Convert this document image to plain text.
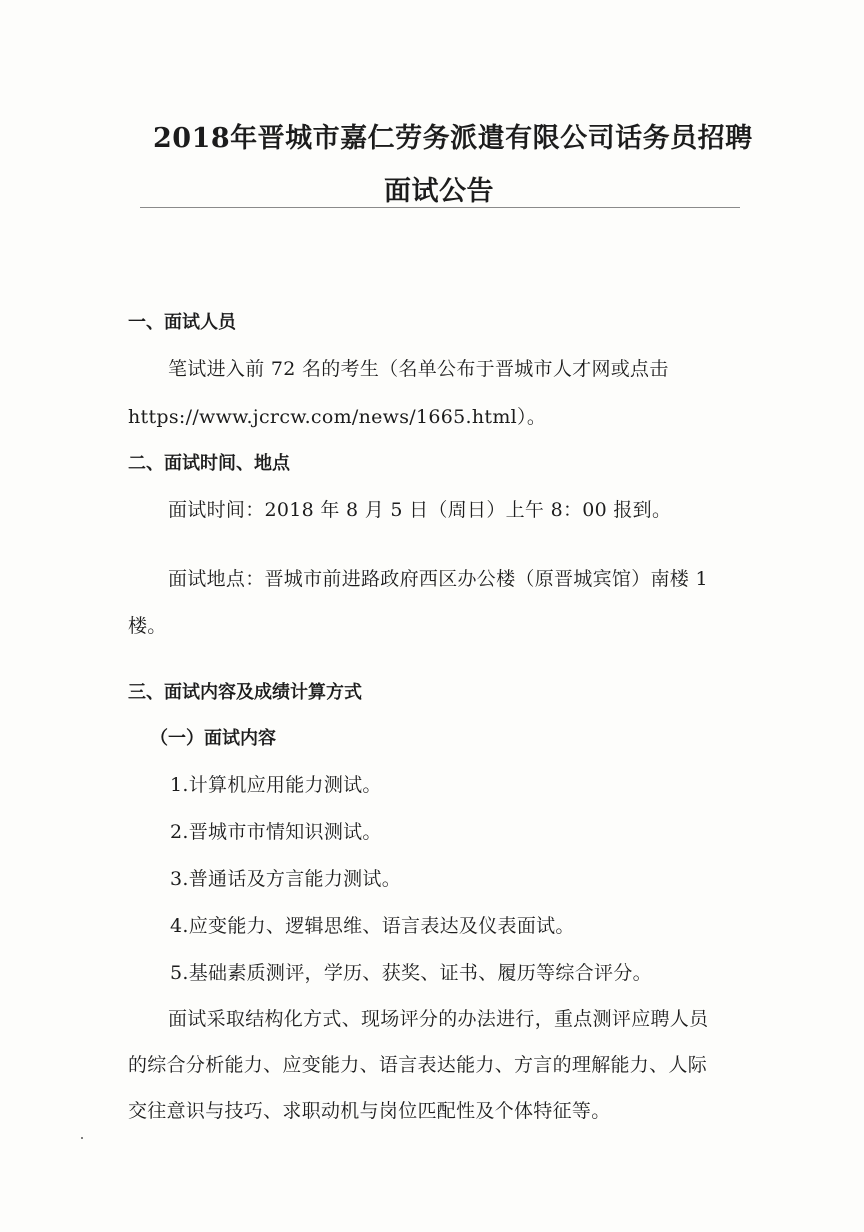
2018年晋城市嘉仁劳务派遣有限公司话务员招聘

面试公告

一、面试人员

笔试进入前 72 名的考生（名单公布于晋城市人才网或点击

https://www.jcrcw.com/news/1665.html）。

二、面试时间、地点

面试时间：2018 年 8 月 5 日（周日）上午 8：00 报到。

面试地点：晋城市前进路政府西区办公楼（原晋城宾馆）南楼 1

楼。

三、面试内容及成绩计算方式

（一）面试内容

1.计算机应用能力测试。

2.晋城市市情知识测试。

3.普通话及方言能力测试。

4.应变能力、逻辑思维、语言表达及仪表面试。

5.基础素质测评，学历、获奖、证书、履历等综合评分。

面试采取结构化方式、现场评分的办法进行，重点测评应聘人员

的综合分析能力、应变能力、语言表达能力、方言的理解能力、人际

交往意识与技巧、求职动机与岗位匹配性及个体特征等。
